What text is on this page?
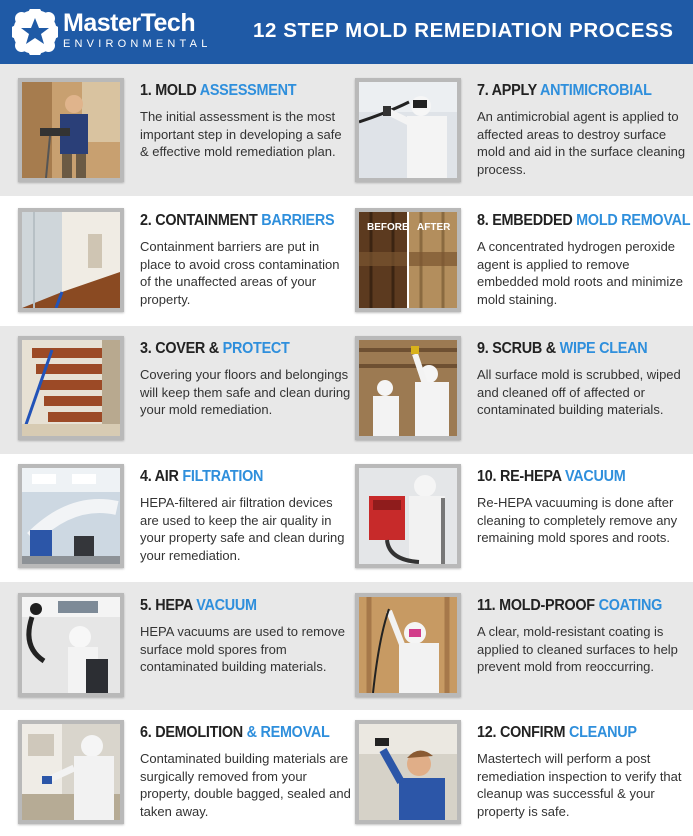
MasterTech
ENVIRONMENTAL
12 STEP MOLD REMEDIATION PROCESS
1. MOLD ASSESSMENT
The initial assessment is the most important step in developing a safe & effective mold remediation plan.
2. CONTAINMENT BARRIERS
Containment barriers are put in place to avoid cross contamination of the unaffected areas of your property.
3. COVER & PROTECT
Covering your floors and belongings will keep them safe and clean during your mold remediation.
4. AIR FILTRATION
HEPA-filtered air filtration devices are used to keep the air quality in your property safe and clean during your remediation.
5. HEPA VACUUM
HEPA vacuums are used to remove surface mold spores from contaminated building materials.
6. DEMOLITION & REMOVAL
Contaminated building materials are surgically removed from your property, double bagged, sealed and taken away.
7. APPLY ANTIMICROBIAL
An antimicrobial agent is applied to affected areas to destroy surface mold and aid in the surface cleaning process.
BEFORE AFTER 8. EMBEDDED MOLD REMOVAL
A concentrated hydrogen peroxide agent is applied to remove embedded mold roots and minimize mold staining.
9. SCRUB & WIPE CLEAN
All surface mold is scrubbed, wiped and cleaned off of affected or contaminated building materials.
10. RE-HEPA VACUUM
Re-HEPA vacuuming is done after cleaning to completely remove any remaining mold spores and roots.
11. MOLD-PROOF COATING
A clear, mold-resistant coating is applied to cleaned surfaces to help prevent mold from reoccurring.
12. CONFIRM CLEANUP
Mastertech will perform a post remediation inspection to verify that cleanup was successful & your property is safe.
